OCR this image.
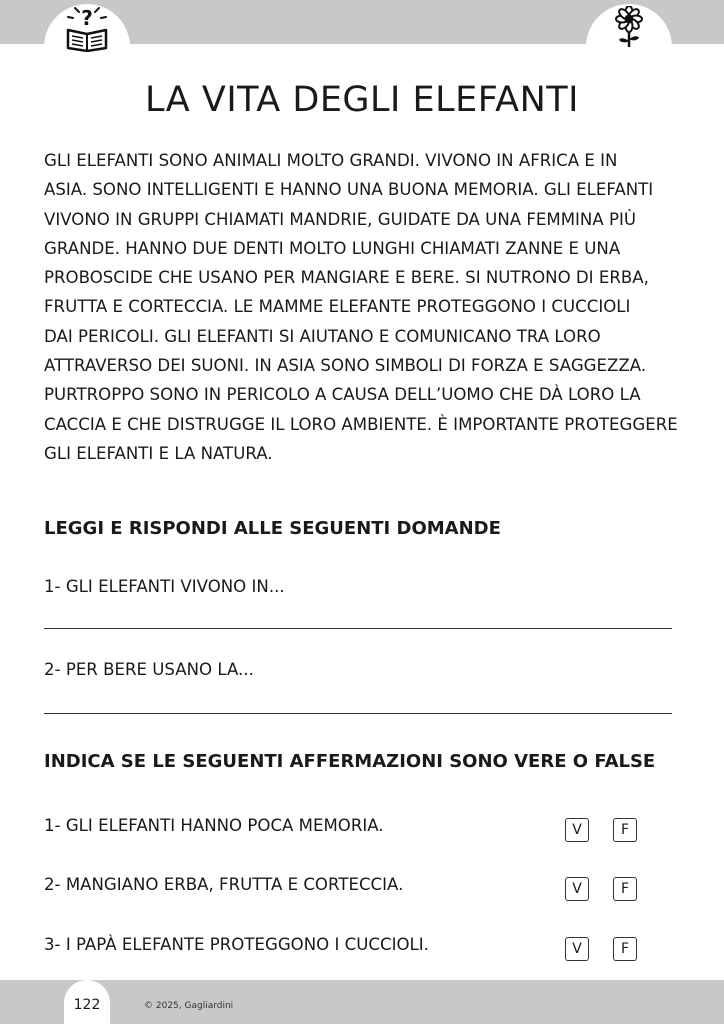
?
LA VITA DEGLI ELEFANTI

GLI ELEFANTI SONO ANIMALI MOLTO GRANDI. VIVONO IN AFRICA E IN
ASIA. SONO INTELLIGENTI E HANNO UNA BUONA MEMORIA. GLI ELEFANTI
VIVONO IN GRUPPI CHIAMATI MANDRIE, GUIDATE DA UNA FEMMINA PIÙ
GRANDE. HANNO DUE DENTI MOLTO LUNGHI CHIAMATI ZANNE E UNA
PROBOSCIDE CHE USANO PER MANGIARE E BERE. SI NUTRONO DI ERBA,
FRUTTA E CORTECCIA. LE MAMME ELEFANTE PROTEGGONO I CUCCIOLI
DAI PERICOLI. GLI ELEFANTI SI AIUTANO E COMUNICANO TRA LORO
ATTRAVERSO DEI SUONI. IN ASIA SONO SIMBOLI DI FORZA E SAGGEZZA.
PURTROPPO SONO IN PERICOLO A CAUSA DELL’UOMO CHE DÀ LORO LA
CACCIA E CHE DISTRUGGE IL LORO AMBIENTE. È IMPORTANTE PROTEGGERE
GLI ELEFANTI E LA NATURA.

LEGGI E RISPONDI ALLE SEGUENTI DOMANDE

1- GLI ELEFANTI VIVONO IN...

2- PER BERE USANO LA...

INDICA SE LE SEGUENTI AFFERMAZIONI SONO VERE O FALSE
1- GLI ELEFANTI HANNO POCA MEMORIA.	V	F
2- MANGIANO ERBA, FRUTTA E CORTECCIA.	V	F
3- I PAPÀ ELEFANTE PROTEGGONO I CUCCIOLI.	V	F
122	© 2025, Gagliardini
